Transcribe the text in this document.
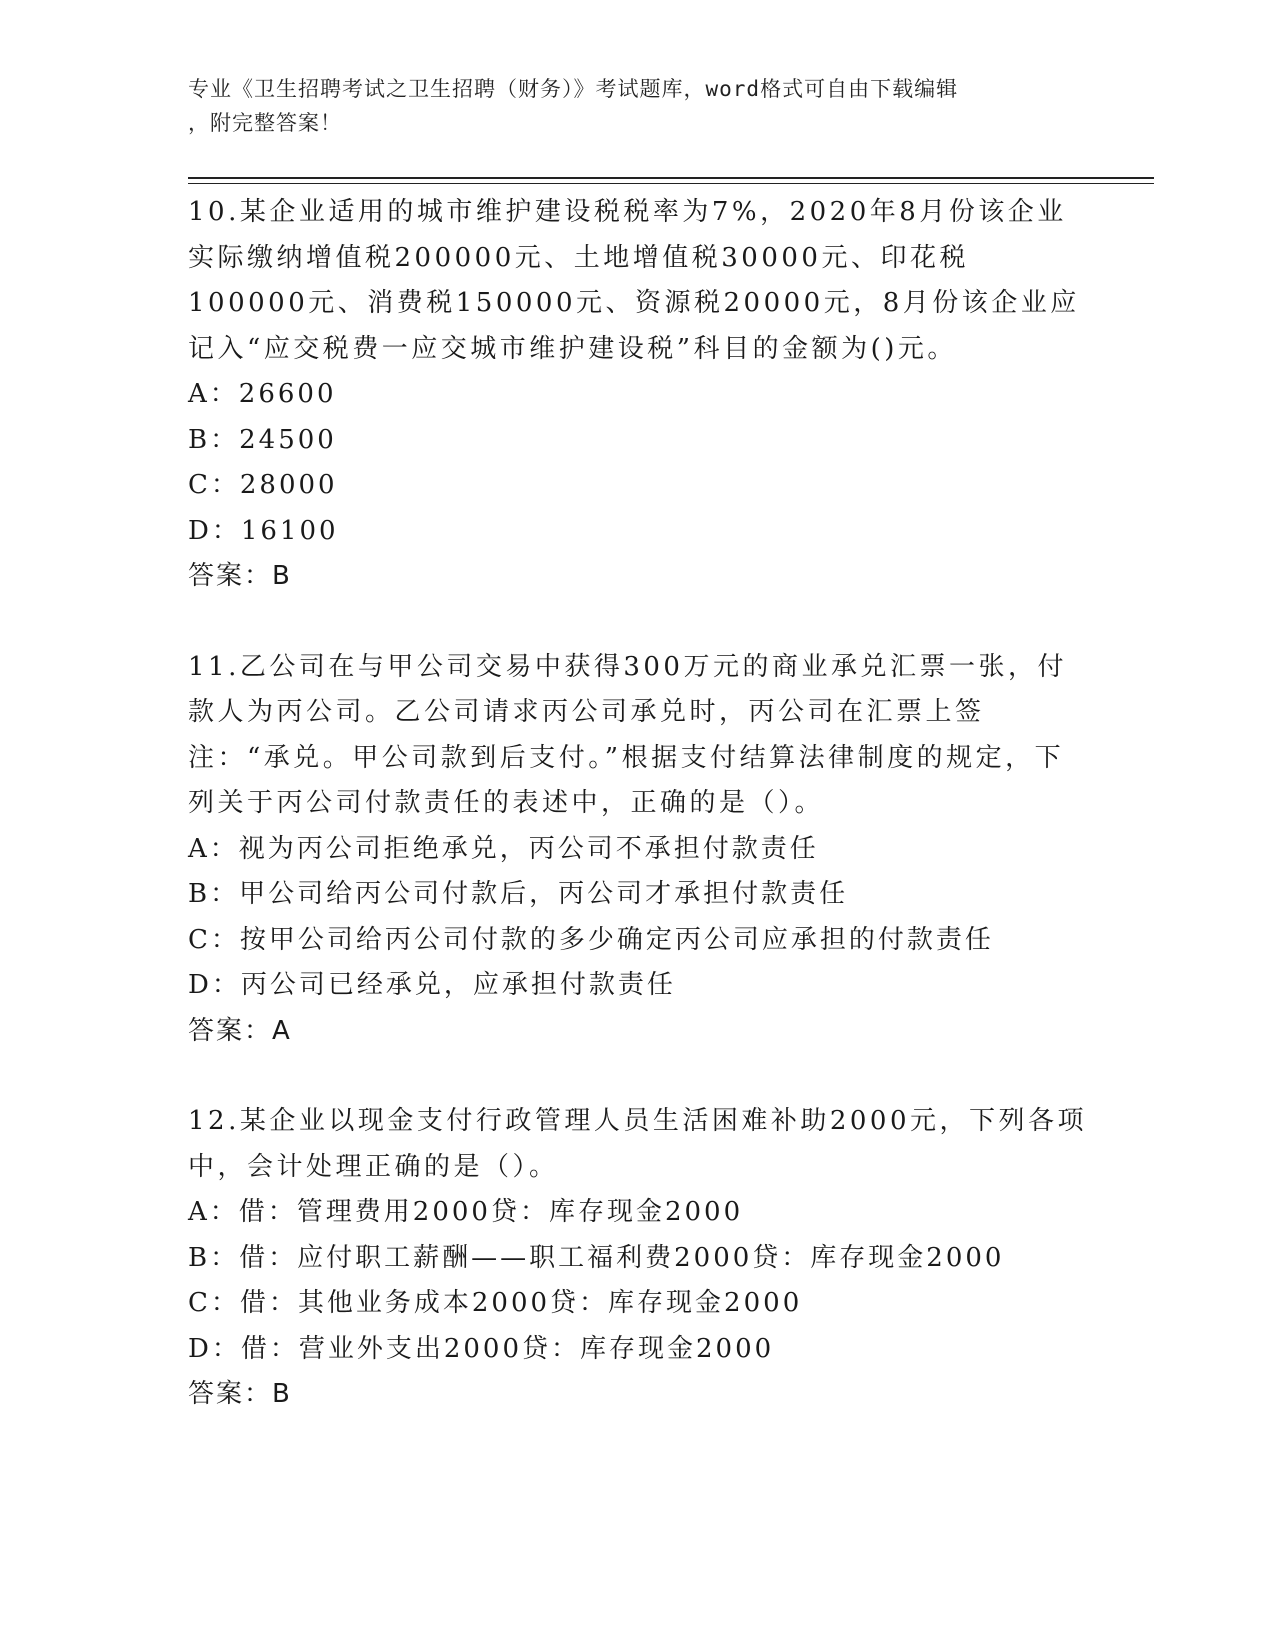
专业《卫生招聘考试之卫生招聘（财务）》考试题库，word格式可自由下载编辑
，附完整答案！

10.某企业适用的城市维护建设税税率为7%，2020年8月份该企业实际缴纳增值税200000元、土地增值税30000元、印花税100000元、消费税150000元、资源税20000元，8月份该企业应记入“应交税费一应交城市维护建设税”科目的金额为()元。

A：26600

B：24500

C：28000

D：16100

答案：B

11.乙公司在与甲公司交易中获得300万元的商业承兑汇票一张，付款人为丙公司。乙公司请求丙公司承兑时，丙公司在汇票上签注：“承兑。甲公司款到后支付。”根据支付结算法律制度的规定，下列关于丙公司付款责任的表述中，正确的是（）。

A：视为丙公司拒绝承兑，丙公司不承担付款责任

B：甲公司给丙公司付款后，丙公司才承担付款责任

C：按甲公司给丙公司付款的多少确定丙公司应承担的付款责任

D：丙公司已经承兑，应承担付款责任

答案：A

12.某企业以现金支付行政管理人员生活困难补助2000元，下列各项中，会计处理正确的是（）。

A：借：管理费用2000贷：库存现金2000

B：借：应付职工薪酬——职工福利费2000贷：库存现金2000

C：借：其他业务成本2000贷：库存现金2000

D：借：营业外支出2000贷：库存现金2000

答案：B
